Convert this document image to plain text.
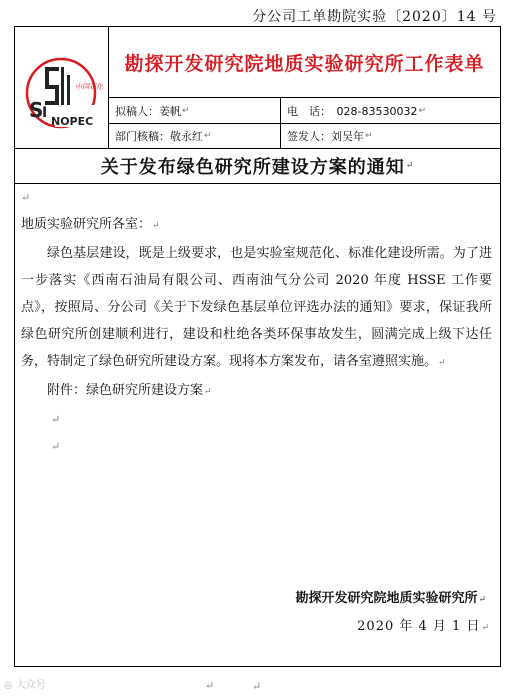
分公司工单勘院实验〔2020〕14 号
中国石化
NOPEC
S
I
勘探开发研究院地质实验研究所工作表单
拟稿人：姜帆 ↵	电　话：　028-83530032 ↵
部门核稿：敬永红 ↵	签发人：刘吴年 ↵
关于发布绿色研究所建设方案的通知 ↵
↵
地质实验研究所各室：↵
绿色基层建设，既是上级要求，也是实验室规范化、标准化建设所需。为了进一步落实《西南石油局有限公司、西南油气分公司 2020 年度 HSSE 工作要点》，按照局、分公司《关于下发绿色基层单位评选办法的通知》要求，保证我所绿色研究所创建顺利进行，建设和杜绝各类环保事故发生，圆满完成上级下达任务，特制定了绿色研究所建设方案。现将本方案发布，请各室遵照实施。↵
附件：绿色研究所建设方案↵
↵
↵
勘探开发研究院地质实验研究所↵
2020 年 4 月 1 日↵
↵	↵
◎ 大众号
